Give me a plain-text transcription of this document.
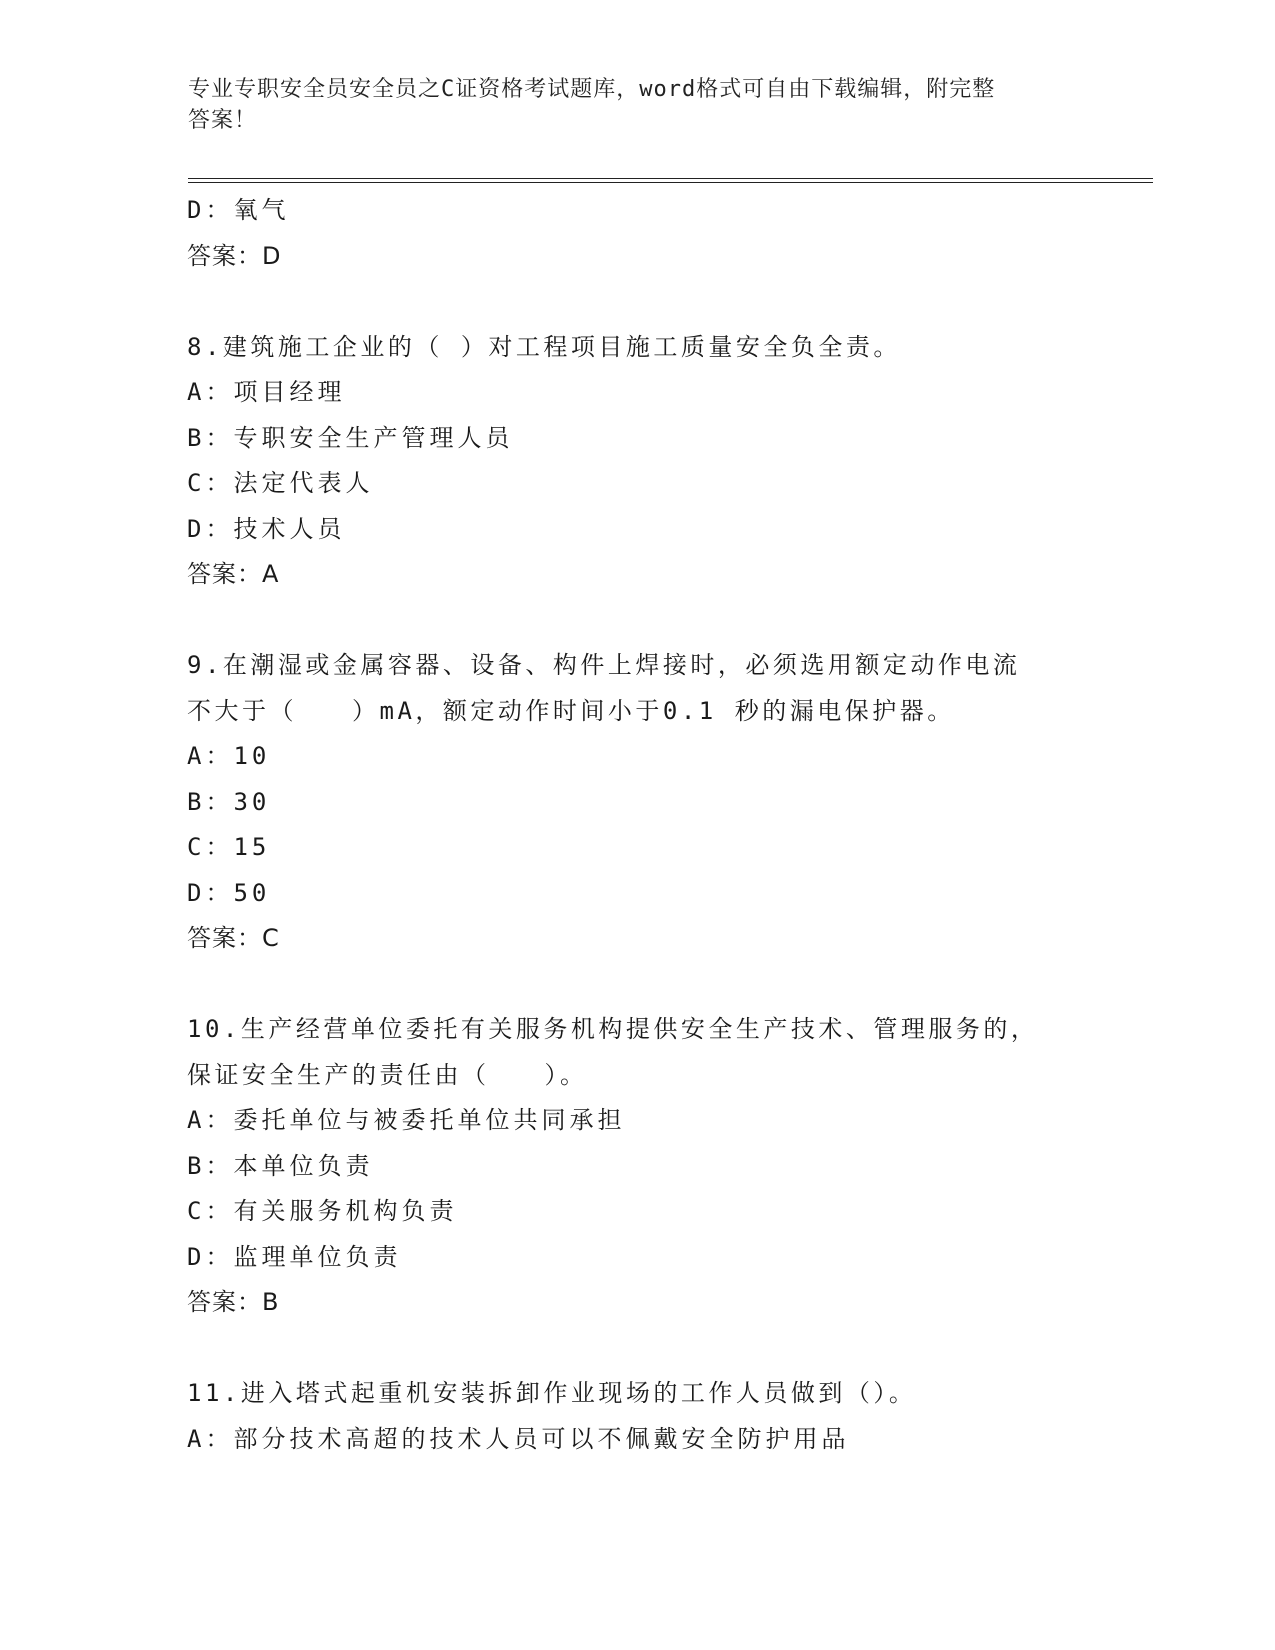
专业专职安全员安全员之C证资格考试题库，word格式可自由下载编辑，附完整
答案！
D：氧气
答案：D
8.建筑施工企业的（ ）对工程项目施工质量安全负全责。
A：项目经理
B：专职安全生产管理人员
C：法定代表人
D：技术人员
答案：A
9.在潮湿或金属容器、设备、构件上焊接时，必须选用额定动作电流
不大于（　　）mA，额定动作时间小于0.1 秒的漏电保护器。
A：10
B：30
C：15
D：50
答案：C
10.生产经营单位委托有关服务机构提供安全生产技术、管理服务的，
保证安全生产的责任由（　　）。
A：委托单位与被委托单位共同承担
B：本单位负责
C：有关服务机构负责
D：监理单位负责
答案：B
11.进入塔式起重机安装拆卸作业现场的工作人员做到（）。
A：部分技术高超的技术人员可以不佩戴安全防护用品
